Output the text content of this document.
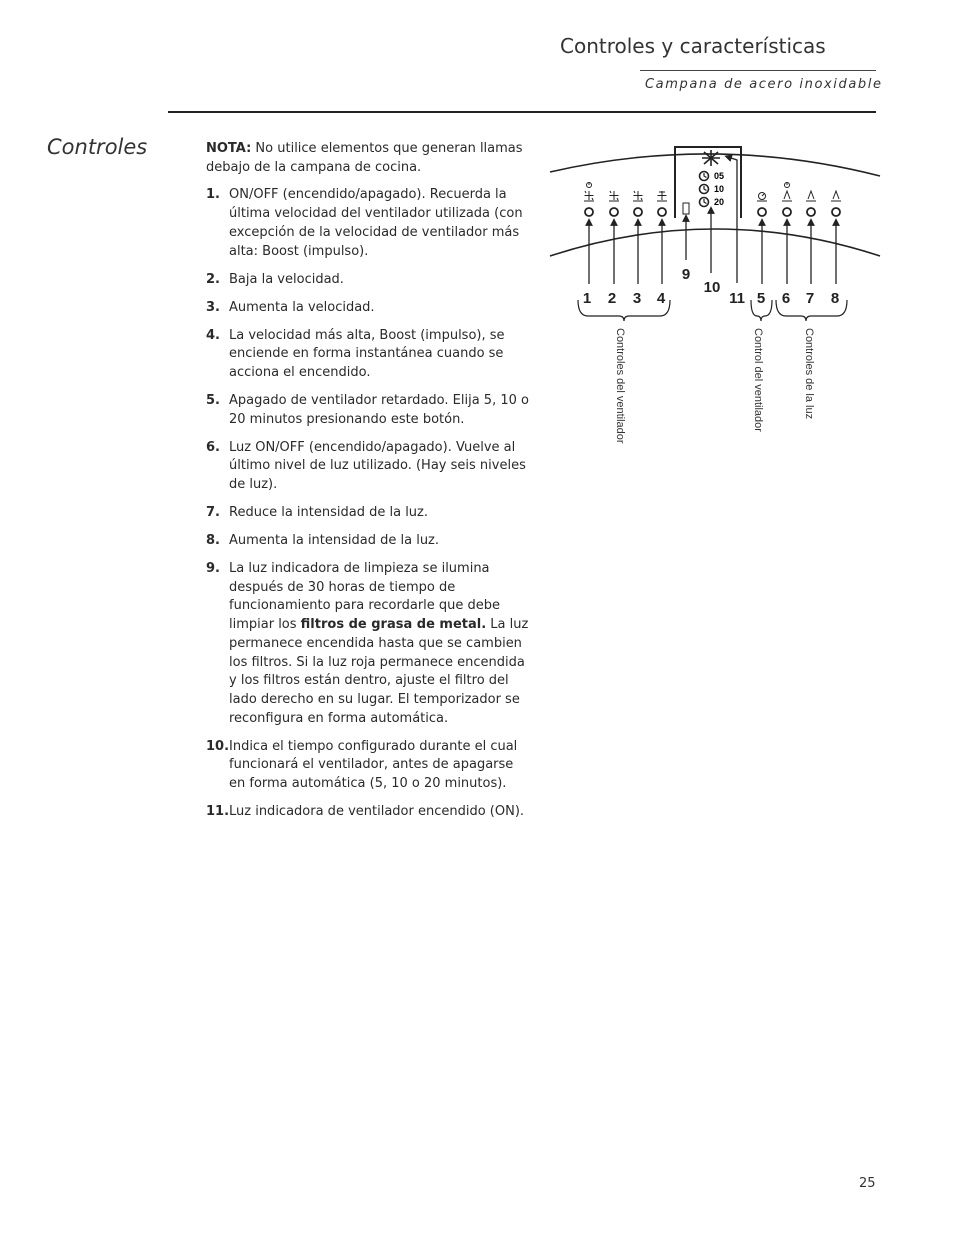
Controles y características
Campana de acero inoxidable
Controles	NOTA: No utilice elementos que generan llamas debajo de la campana de cocina.

1. ON/OFF (encendido/apagado). Recuerda la última velocidad del ventilador utilizada (con excepción de la velocidad de ventilador más alta: Boost (impulso).
2. Baja la velocidad.
3. Aumenta la velocidad.
4. La velocidad más alta, Boost (impulso), se enciende en forma instantánea cuando se acciona el encendido.
5. Apagado de ventilador retardado. Elija 5, 10 o 20 minutos presionando este botón.
6. Luz ON/OFF (encendido/apagado). Vuelve al último nivel de luz utilizado. (Hay seis niveles de luz).
7. Reduce la intensidad de la luz.
8. Aumenta la intensidad de la luz.
9. La luz indicadora de limpieza se ilumina después de 30 horas de tiempo de funcionamiento para recordarle que debe limpiar los filtros de grasa de metal. La luz permanece encendida hasta que se cambien los filtros. Si la luz roja permanece encendida y los filtros están dentro, ajuste el filtro del lado derecho en su lugar. El temporizador se reconfigura en forma automática.
10. Indica el tiempo configurado durante el cual funcionará el ventilador, antes de apagarse en forma automática (5, 10 o 20 minutos).
11. Luz indicadora de ventilador encendido (ON).
05
10
20
1 2 3 4
9
10
11 5 6 7 8
Controles del ventilador	Control del ventilador	Controles de la luz
25
